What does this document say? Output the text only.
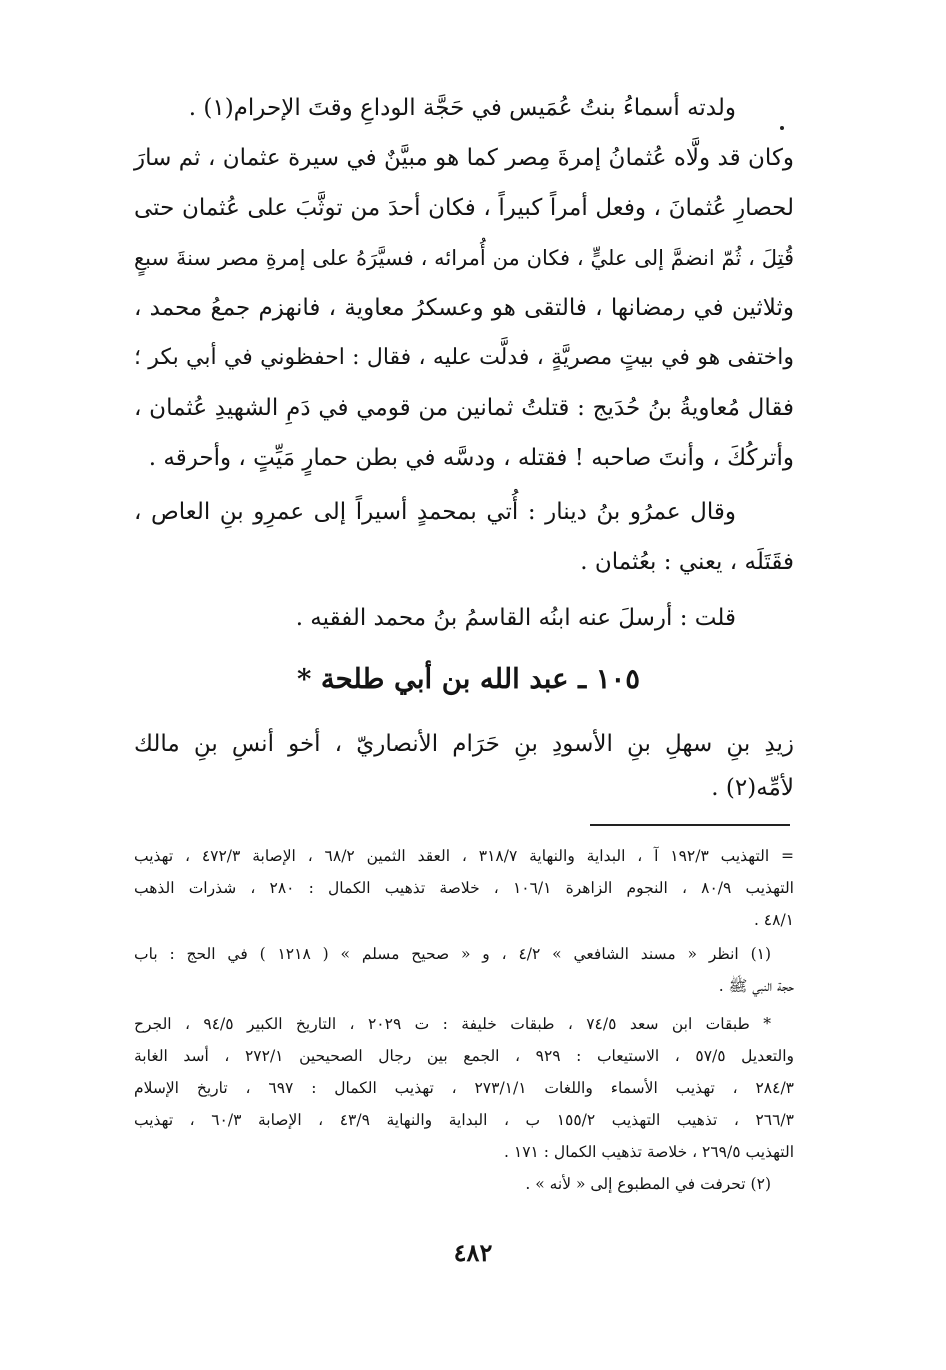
ولدته أسماءُ بنتُ عُمَيس في حَجَّة الوداعِ وقتَ الإحرام(١) .
وكان قد ولَّاه عُثمانُ إمرةَ مِصر كما هو مبيَّنٌ في سيرة عثمان ، ثم سارَ
لحصارِ عُثمانَ ، وفعل أمراً كبيراً ، فكان أحدَ من توثَّبَ على عُثمان حتى
قُتِلَ ، ثُمّ انضمَّ إلى عليٍّ ، فكان من أُمرائه ، فسيَّرَهُ على إمرةِ مصر سنةَ سبعٍ
وثلاثين في رمضانها ، فالتقى هو وعسكرُ معاوية ، فانهزم جمعُ محمد ،
واختفى هو في بيتٍ مصريَّةٍ ، فدلَّت عليه ، فقال : احفظوني في أبي بكر ؛
فقال مُعاويةُ بنُ حُدَيج : قتلتُ ثمانين من قومي في دَمِ الشهيدِ عُثمان ،
وأتركُكَ ، وأنتَ صاحبه ! فقتله ، ودسَّه في بطن حمارٍ مَيِّتٍ ، وأحرقه .
وقال عمرُو بنُ دينار : أُتي بمحمدٍ أسيراً إلى عمرِو بنِ العاص ،
فقَتَلَه ، يعني : بعُثمان .
قلت : أرسلَ عنه ابنُه القاسمُ بنُ محمد الفقيه .
١٠٥ ـ عبد الله بن أبي طلحة *
زيدِ بنِ سهلِ بنِ الأسودِ بنِ حَرَام الأنصاريّ ، أخو أنسِ بنِ مالك
لأمِّه(٢) .
= التهذيب ١٩٢/٣ آ ، البداية والنهاية ٣١٨/٧ ، العقد الثمين ٦٨/٢ ، الإصابة ٤٧٢/٣ ، تهذيب
التهذيب ٨٠/٩ ، النجوم الزاهرة ١٠٦/١ ، خلاصة تذهيب الكمال : ٢٨٠ ، شذرات الذهب
٤٨/١ .
(١) انظر « مسند الشافعي » ٤/٢ ، و « صحيح مسلم » ( ١٢١٨ ) في الحج : باب
حجة النبي ﷺ .
* طبقات ابن سعد ٧٤/٥ ، طبقات خليفة : ت ٢٠٢٩ ، التاريخ الكبير ٩٤/٥ ، الجرح
والتعديل ٥٧/٥ ، الاستيعاب : ٩٢٩ ، الجمع بين رجال الصحيحين ٢٧٢/١ ، أسد الغابة
٢٨٤/٣ ، تهذيب الأسماء واللغات ٢٧٣/١/١ ، تهذيب الكمال : ٦٩٧ ، تاريخ الإسلام
٢٦٦/٣ ، تذهيب التهذيب ١٥٥/٢ ب ، البداية والنهاية ٤٣/٩ ، الإصابة ٦٠/٣ ، تهذيب
التهذيب ٢٦٩/٥ ، خلاصة تذهيب الكمال : ١٧١ .
(٢) تحرفت في المطبوع إلى « لأنه » .
٤٨٢
